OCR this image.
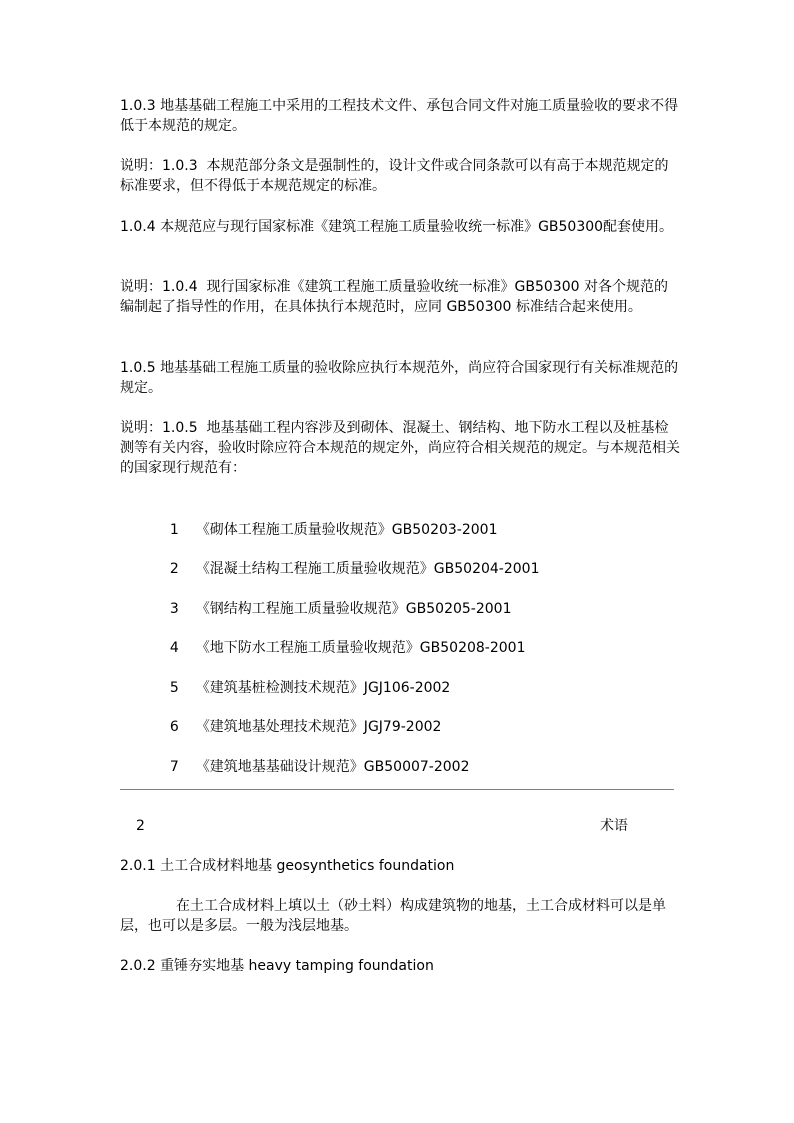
1.0.3 地基基础工程施工中采用的工程技术文件、承包合同文件对施工质量验收的要求不得低于本规范的规定。

说明：1.0.3  本规范部分条文是强制性的，设计文件或合同条款可以有高于本规范规定的标准要求，但不得低于本规范规定的标准。

1.0.4 本规范应与现行国家标准《建筑工程施工质量验收统一标准》GB50300配套使用。

说明：1.0.4  现行国家标准《建筑工程施工质量验收统一标准》GB50300 对各个规范的编制起了指导性的作用，在具体执行本规范时，应同 GB50300 标准结合起来使用。

1.0.5 地基基础工程施工质量的验收除应执行本规范外，尚应符合国家现行有关标准规范的规定。

说明：1.0.5  地基基础工程内容涉及到砌体、混凝土、钢结构、地下防水工程以及桩基检测等有关内容，验收时除应符合本规范的规定外，尚应符合相关规范的规定。与本规范相关的国家现行规范有：

1 《砌体工程施工质量验收规范》GB50203-2001

2 《混凝土结构工程施工质量验收规范》GB50204-2001

3 《钢结构工程施工质量验收规范》GB50205-2001

4 《地下防水工程施工质量验收规范》GB50208-2001

5 《建筑基桩检测技术规范》JGJ106-2002

6 《建筑地基处理技术规范》JGJ79-2002

7 《建筑地基基础设计规范》GB50007-2002

2	术语

2.0.1 土工合成材料地基 geosynthetics foundation

在土工合成材料上填以土（砂土料）构成建筑物的地基，土工合成材料可以是单层，也可以是多层。一般为浅层地基。

2.0.2 重锤夯实地基 heavy tamping foundation
